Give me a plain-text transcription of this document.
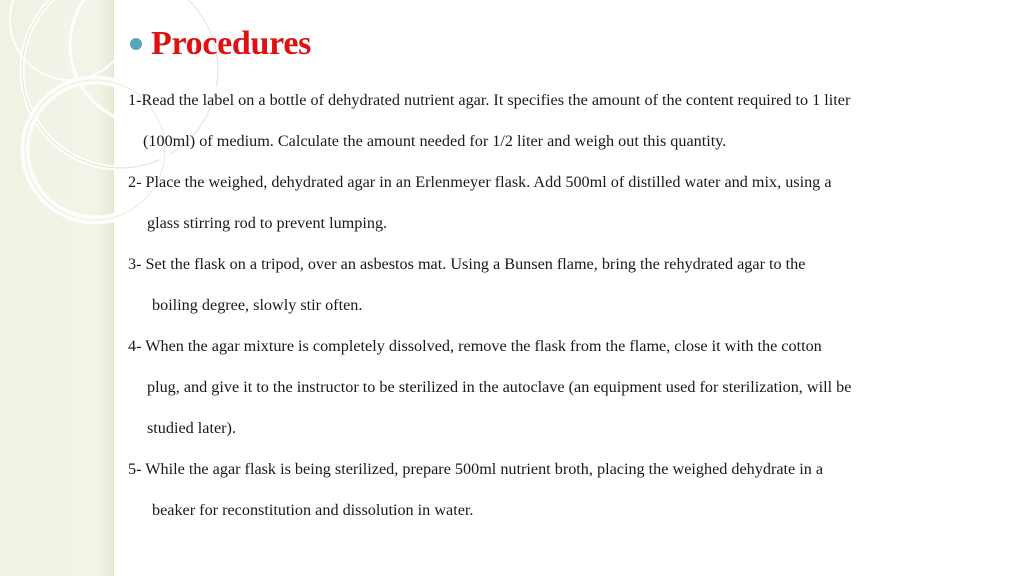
Procedures
1-Read the label on a bottle of dehydrated nutrient agar. It specifies the amount of the content required to 1 liter
(100ml) of medium. Calculate the amount needed for 1/2 liter and weigh out this quantity.
2- Place the weighed, dehydrated agar in an Erlenmeyer flask. Add 500ml of distilled water and mix, using a
glass stirring rod to prevent lumping.
3- Set the flask on a tripod, over an asbestos mat. Using a Bunsen flame, bring the rehydrated agar to the
boiling degree, slowly stir often.
4- When the agar mixture is completely dissolved, remove the flask from the flame, close it with the cotton
plug, and give it to the instructor to be sterilized in the autoclave (an equipment used for sterilization, will be
studied later).
5- While the agar flask is being sterilized, prepare 500ml nutrient broth, placing the weighed dehydrate in a
beaker for reconstitution and dissolution in water.
